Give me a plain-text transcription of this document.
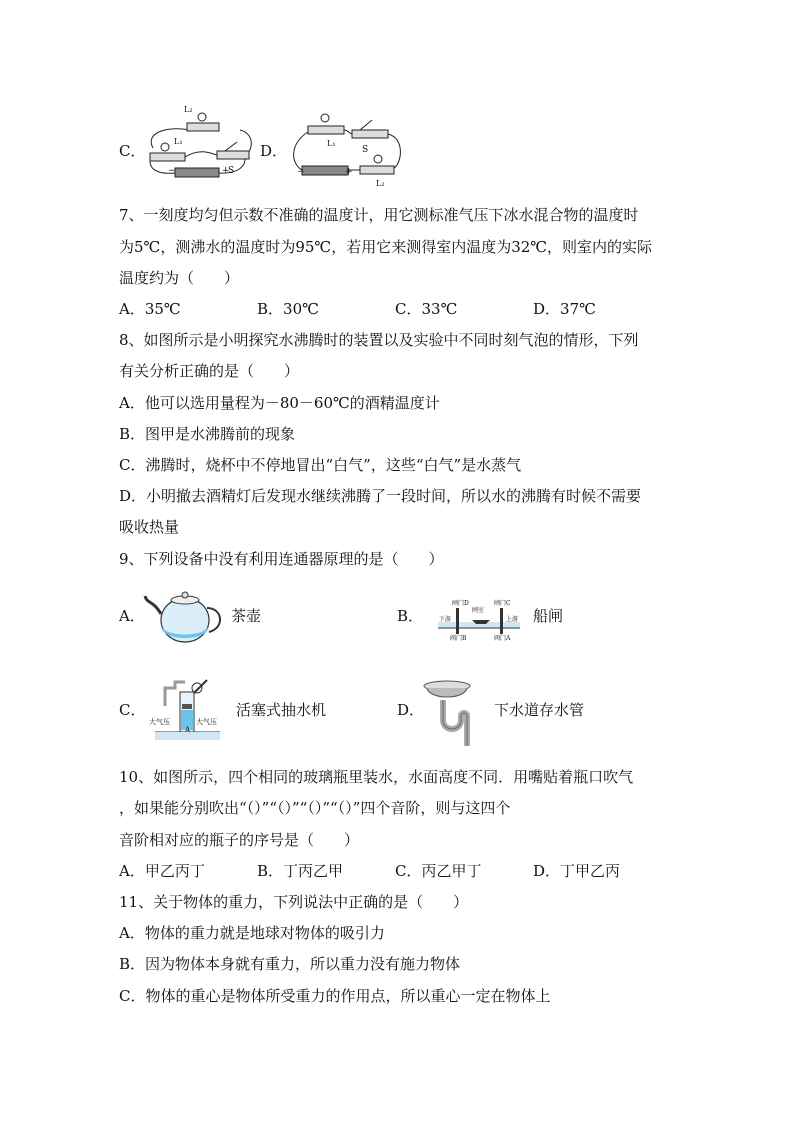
C．
L₂
L₁
S
+
−
D．	L₁
L₂
S
+
−
7、一刻度均匀但示数不准确的温度计，用它测标准气压下冰水混合物的温度时
为5℃，测沸水的温度时为95℃，若用它来测得室内温度为32℃，则室内的实际
温度约为（　　）
A．35℃	B．30℃	C．33℃	D．37℃
8、如图所示是小明探究水沸腾时的装置以及实验中不同时刻气泡的情形，下列
有关分析正确的是（　　）
A．他可以选用量程为－80－60℃的酒精温度计
B．图甲是水沸腾前的现象
C．沸腾时，烧杯中不停地冒出“白气”，这些“白气”是水蒸气
D．小明撤去酒精灯后发现水继续沸腾了一段时间，所以水的沸腾有时候不需要
吸收热量
9、下列设备中没有利用连通器原理的是（　　）
A．	茶壶	B．
闸门D	闸门C
闸室
下游	上游
阀门B	阀门A
船闸
C．
大气压	大气压
A
活塞式抽水机	D．	下水道存水管
10、如图所示，四个相同的玻璃瓶里装水，水面高度不同．用嘴贴着瓶口吹气
，如果能分别吹出“（）”“（）”“（）”“（）”四个音阶，则与这四个
音阶相对应的瓶子的序号是（　　）
A．甲乙丙丁	B．丁丙乙甲	C．丙乙甲丁	D．丁甲乙丙
11、关于物体的重力，下列说法中正确的是（　　）
A．物体的重力就是地球对物体的吸引力
B．因为物体本身就有重力，所以重力没有施力物体
C．物体的重心是物体所受重力的作用点，所以重心一定在物体上
